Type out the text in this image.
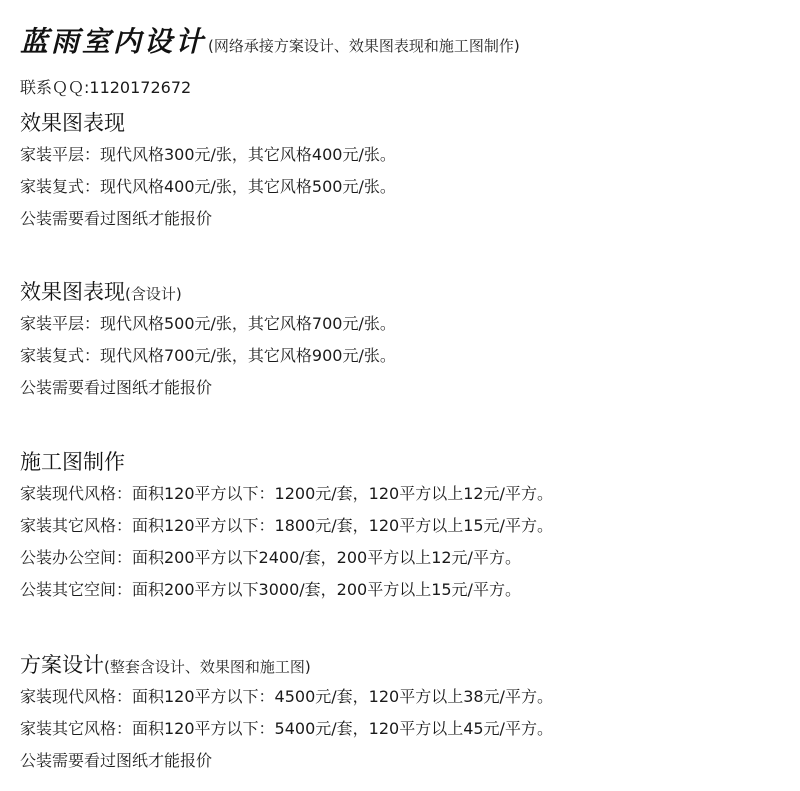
蓝雨室内设计 (网络承接方案设计、效果图表现和施工图制作)
联系ＱＱ:1120172672
效果图表现
家装平层：现代风格300元/张，其它风格400元/张。
家装复式：现代风格400元/张，其它风格500元/张。
公装需要看过图纸才能报价
效果图表现 (含设计)
家装平层：现代风格500元/张，其它风格700元/张。
家装复式：现代风格700元/张，其它风格900元/张。
公装需要看过图纸才能报价
施工图制作
家装现代风格：面积120平方以下：1200元/套，120平方以上12元/平方。
家装其它风格：面积120平方以下：1800元/套，120平方以上15元/平方。
公装办公空间：面积200平方以下2400/套，200平方以上12元/平方。
公装其它空间：面积200平方以下3000/套，200平方以上15元/平方。
方案设计 (整套含设计、效果图和施工图)
家装现代风格：面积120平方以下：4500元/套，120平方以上38元/平方。
家装其它风格：面积120平方以下：5400元/套，120平方以上45元/平方。
公装需要看过图纸才能报价
